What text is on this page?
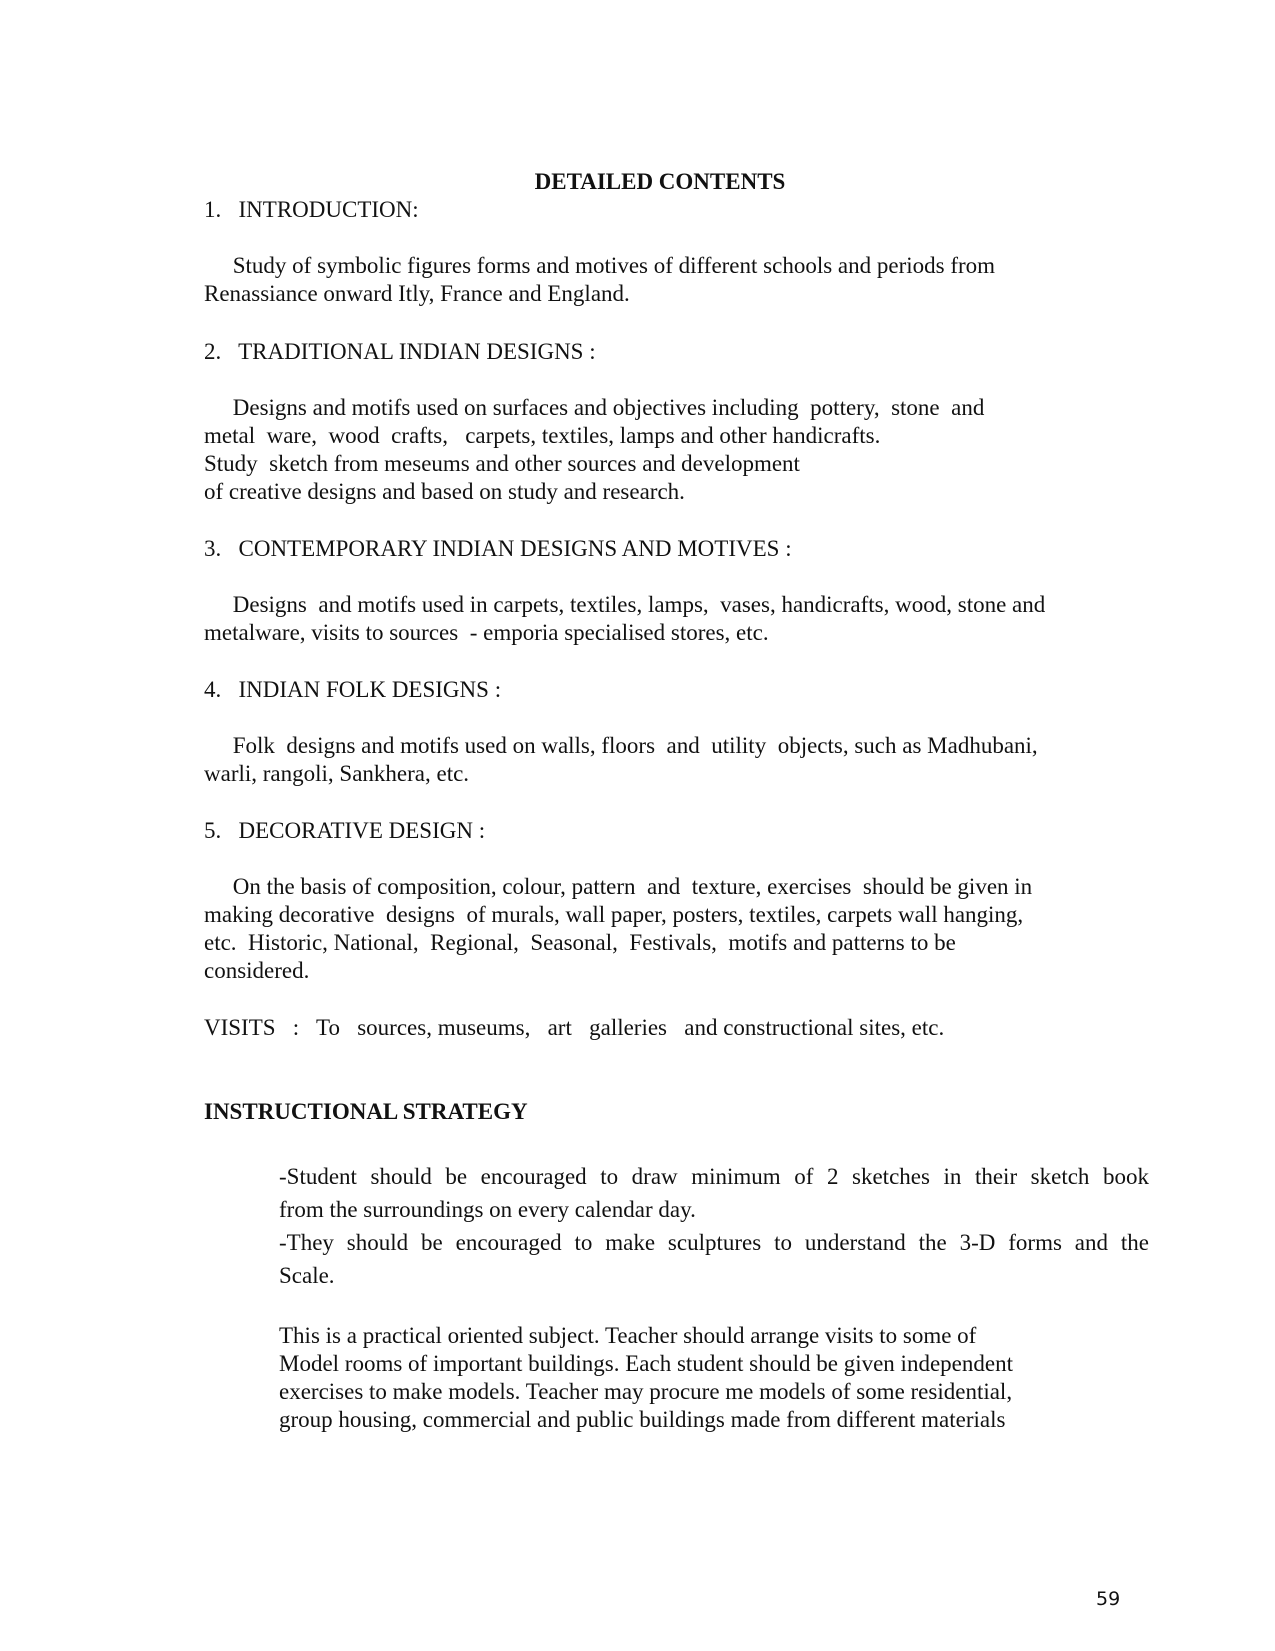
DETAILED CONTENTS

1.   INTRODUCTION:

Study of symbolic figures forms and motives of different schools and periods from

Renassiance onward Itly, France and England.

2.   TRADITIONAL INDIAN DESIGNS :

Designs and motifs used on surfaces and objectives including  pottery,  stone  and

metal  ware,  wood  crafts,   carpets, textiles, lamps and other handicrafts.

Study  sketch from meseums and other sources and development

of creative designs and based on study and research.

3.   CONTEMPORARY INDIAN DESIGNS AND MOTIVES :

Designs  and motifs used in carpets, textiles, lamps,  vases, handicrafts, wood, stone and

metalware, visits to sources  - emporia specialised stores, etc.

4.   INDIAN FOLK DESIGNS :

Folk  designs and motifs used on walls, floors  and  utility  objects, such as Madhubani,

warli, rangoli, Sankhera, etc.

5.   DECORATIVE DESIGN :

On the basis of composition, colour, pattern  and  texture, exercises  should be given in

making decorative  designs  of murals, wall paper, posters, textiles, carpets wall hanging,

etc.  Historic, National,  Regional,  Seasonal,  Festivals,  motifs and patterns to be

considered.

VISITS   :   To   sources, museums,   art   galleries   and constructional sites, etc.

INSTRUCTIONAL STRATEGY

-Student should be encouraged to draw minimum of 2 sketches in their sketch book

from the surroundings on every calendar day.

-They should be encouraged to make sculptures to understand the 3-D forms and the

Scale.

This is a practical oriented subject. Teacher should arrange visits to some of

Model rooms of important buildings. Each student should be given independent

exercises to make models. Teacher may procure me models of some residential,

group housing, commercial and public buildings made from different materials

59
